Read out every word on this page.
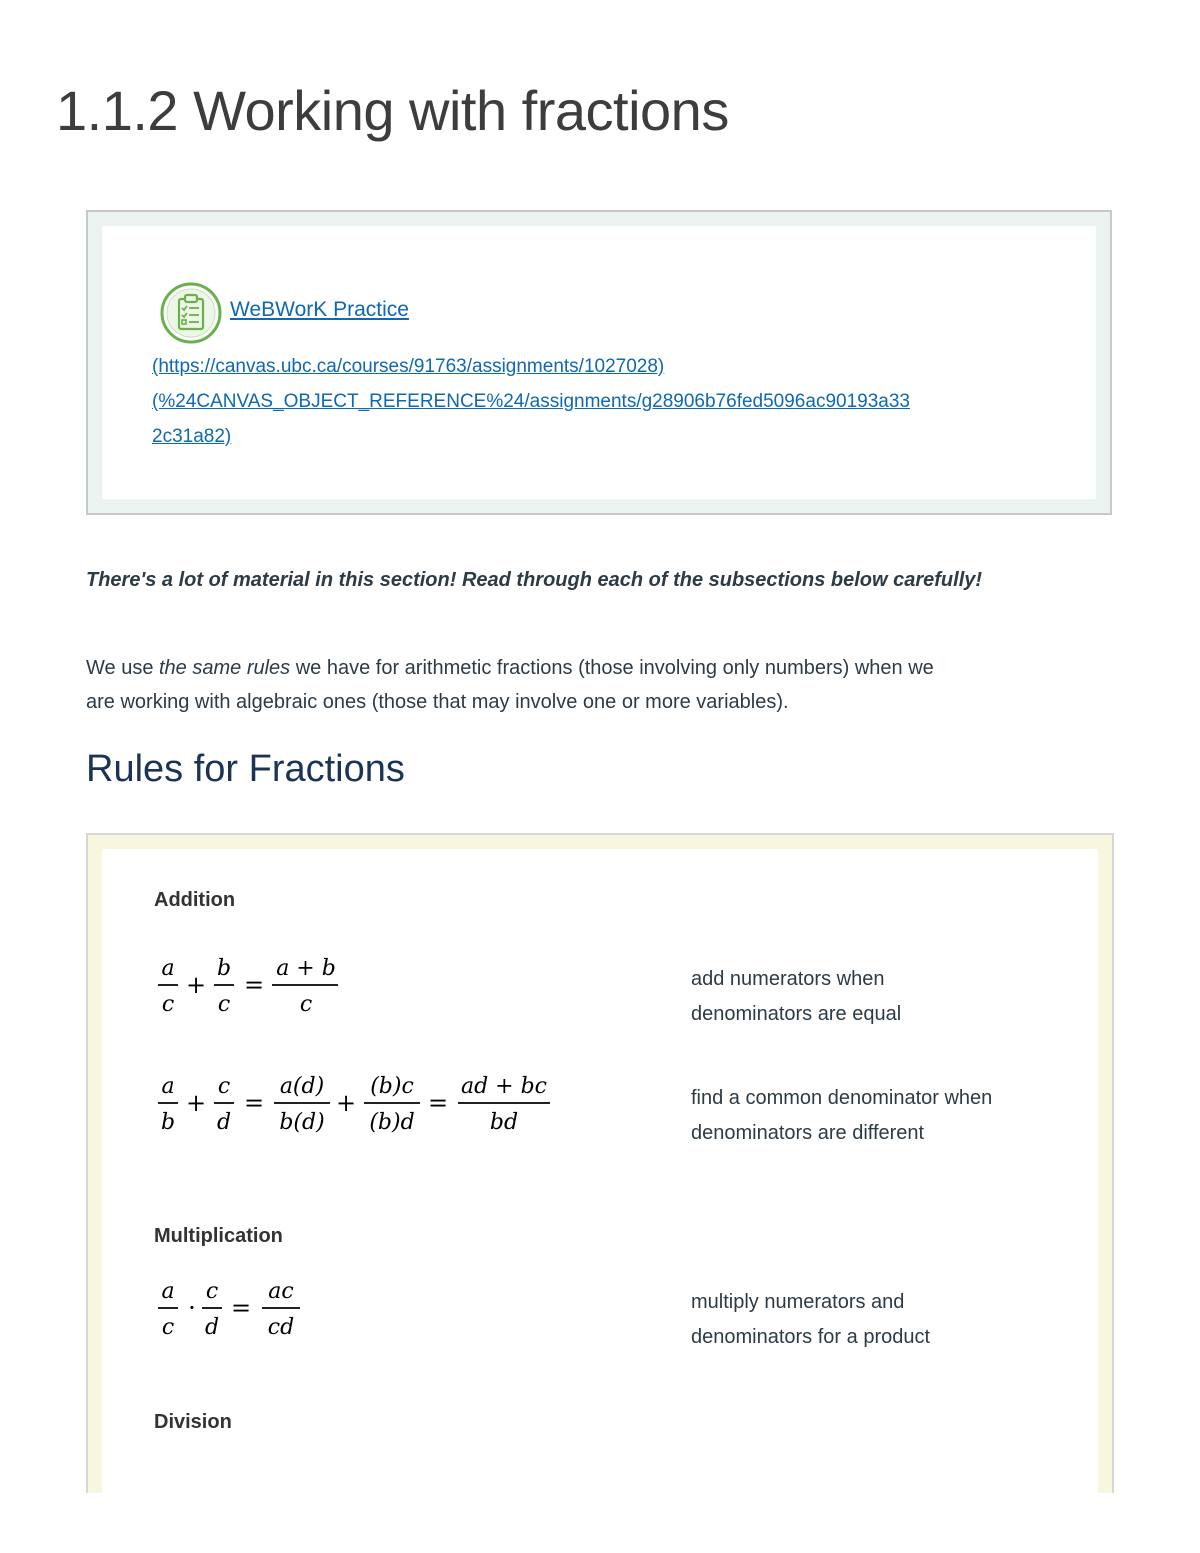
1.1.2 Working with fractions
WeBWorK Practice
(https://canvas.ubc.ca/courses/91763/assignments/1027028)
(%24CANVAS_OBJECT_REFERENCE%24/assignments/g28906b76fed5096ac90193a33
2c31a82)

There's a lot of material in this section! Read through each of the subsections below carefully!

We use the same rules we have for arithmetic fractions (those involving only numbers) when we

are working with algebraic ones (those that may involve one or more variables).

Rules for Fractions
Addition
a
c
+
b
c
=
a + b
c
add numerators when
denominators are equal
a
b
+
c
d
=
a(d)
b(d)
+
(b)c
(b)d
=
ad + bc
bd
find a common denominator when
denominators are different
Multiplication
a
c
·
c
d
=
ac
cd
multiply numerators and
denominators for a product
Division
